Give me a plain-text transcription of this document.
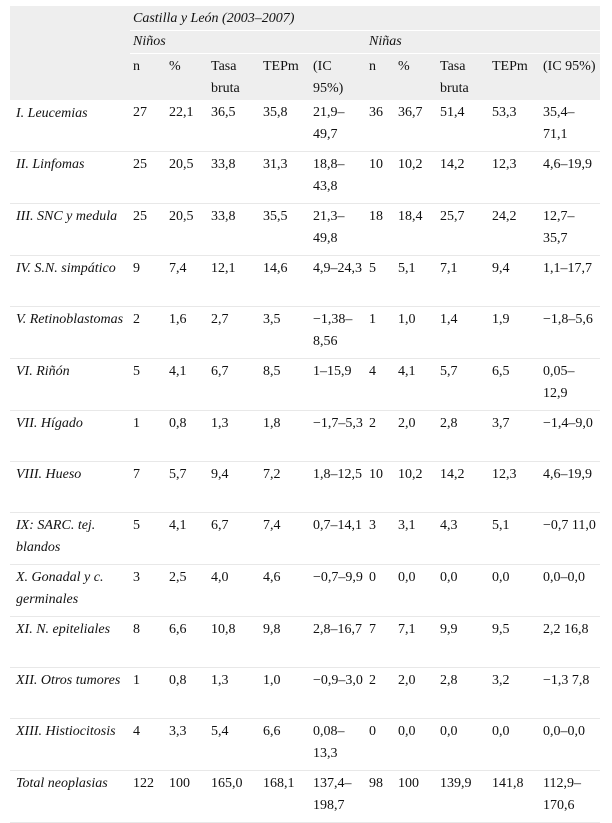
	Castilla y León (2003–2007)									
	Niños					Niñas				
	n	%	Tasa bruta	TEPm	(IC 95%)	n	%	Tasa bruta	TEPm	(IC 95%)
I. Leucemias	27	22,1	36,5	35,8	21,9–49,7	36	36,7	51,4	53,3	35,4–71,1
II. Linfomas	25	20,5	33,8	31,3	18,8–43,8	10	10,2	14,2	12,3	4,6–19,9
III. SNC y medula	25	20,5	33,8	35,5	21,3–49,8	18	18,4	25,7	24,2	12,7–35,7
IV. S.N. simpático	9	7,4	12,1	14,6	4,9–24,3	5	5,1	7,1	9,4	1,1–17,7
V. Retinoblastomas	2	1,6	2,7	3,5	−1,38–8,56	1	1,0	1,4	1,9	−1,8–5,6
VI. Riñón	5	4,1	6,7	8,5	1–15,9	4	4,1	5,7	6,5	0,05–12,9
VII. Hígado	1	0,8	1,3	1,8	−1,7–5,3	2	2,0	2,8	3,7	−1,4–9,0
VIII. Hueso	7	5,7	9,4	7,2	1,8–12,5	10	10,2	14,2	12,3	4,6–19,9
IX: SARC. tej. blandos	5	4,1	6,7	7,4	0,7–14,1	3	3,1	4,3	5,1	−0,7 11,0
X. Gonadal y c. germinales	3	2,5	4,0	4,6	−0,7–9,9	0	0,0	0,0	0,0	0,0–0,0
XI. N. epiteliales	8	6,6	10,8	9,8	2,8–16,7	7	7,1	9,9	9,5	2,2 16,8
XII. Otros tumores	1	0,8	1,3	1,0	−0,9–3,0	2	2,0	2,8	3,2	−1,3 7,8
XIII. Histiocitosis	4	3,3	5,4	6,6	0,08–13,3	0	0,0	0,0	0,0	0,0–0,0
Total neoplasias	122	100	165,0	168,1	137,4–198,7	98	100	139,9	141,8	112,9–170,6
